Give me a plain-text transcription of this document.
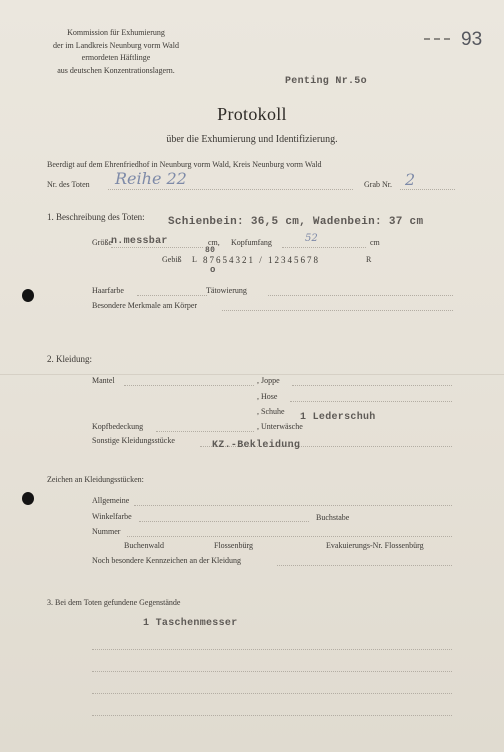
Kommission für Exhumierung
der im Landkreis Neunburg vorm Wald
ermordeten Häftlinge
aus deutschen Konzentrationslagern.
93
Penting Nr.5o
Protokoll
über die Exhumierung und Identifizierung.
Beerdigt auf dem Ehrenfriedhof in Neunburg vorm Wald, Kreis Neunburg vorm Wald
Nr. des Toten Reihe 22	Grab Nr. 2
1. Beschreibung des Toten: Schienbein: 36,5 cm, Wadenbein: 37 cm
Größe n.messbar	cm, Kopfumfang	52	cm
Gebiß L 87654321 / 12345678	R
80
o
Haarfarbe	Tätowierung
Besondere Merkmale am Körper
2. Kleidung:
Mantel	, Joppe
, Hose
, Schuhe
1 Lederschuh
Kopfbedeckung	, Unterwäsche
Sonstige Kleidungsstücke	KZ.-Bekleidung
Zeichen an Kleidungsstücken:
Allgemeine
Winkelfarbe	Buchstabe
Nummer
Buchenwald	Flossenbürg	Evakuierungs-Nr. Flossenbürg
Noch besondere Kennzeichen an der Kleidung
3. Bei dem Toten gefundene Gegenstände
1 Taschenmesser
